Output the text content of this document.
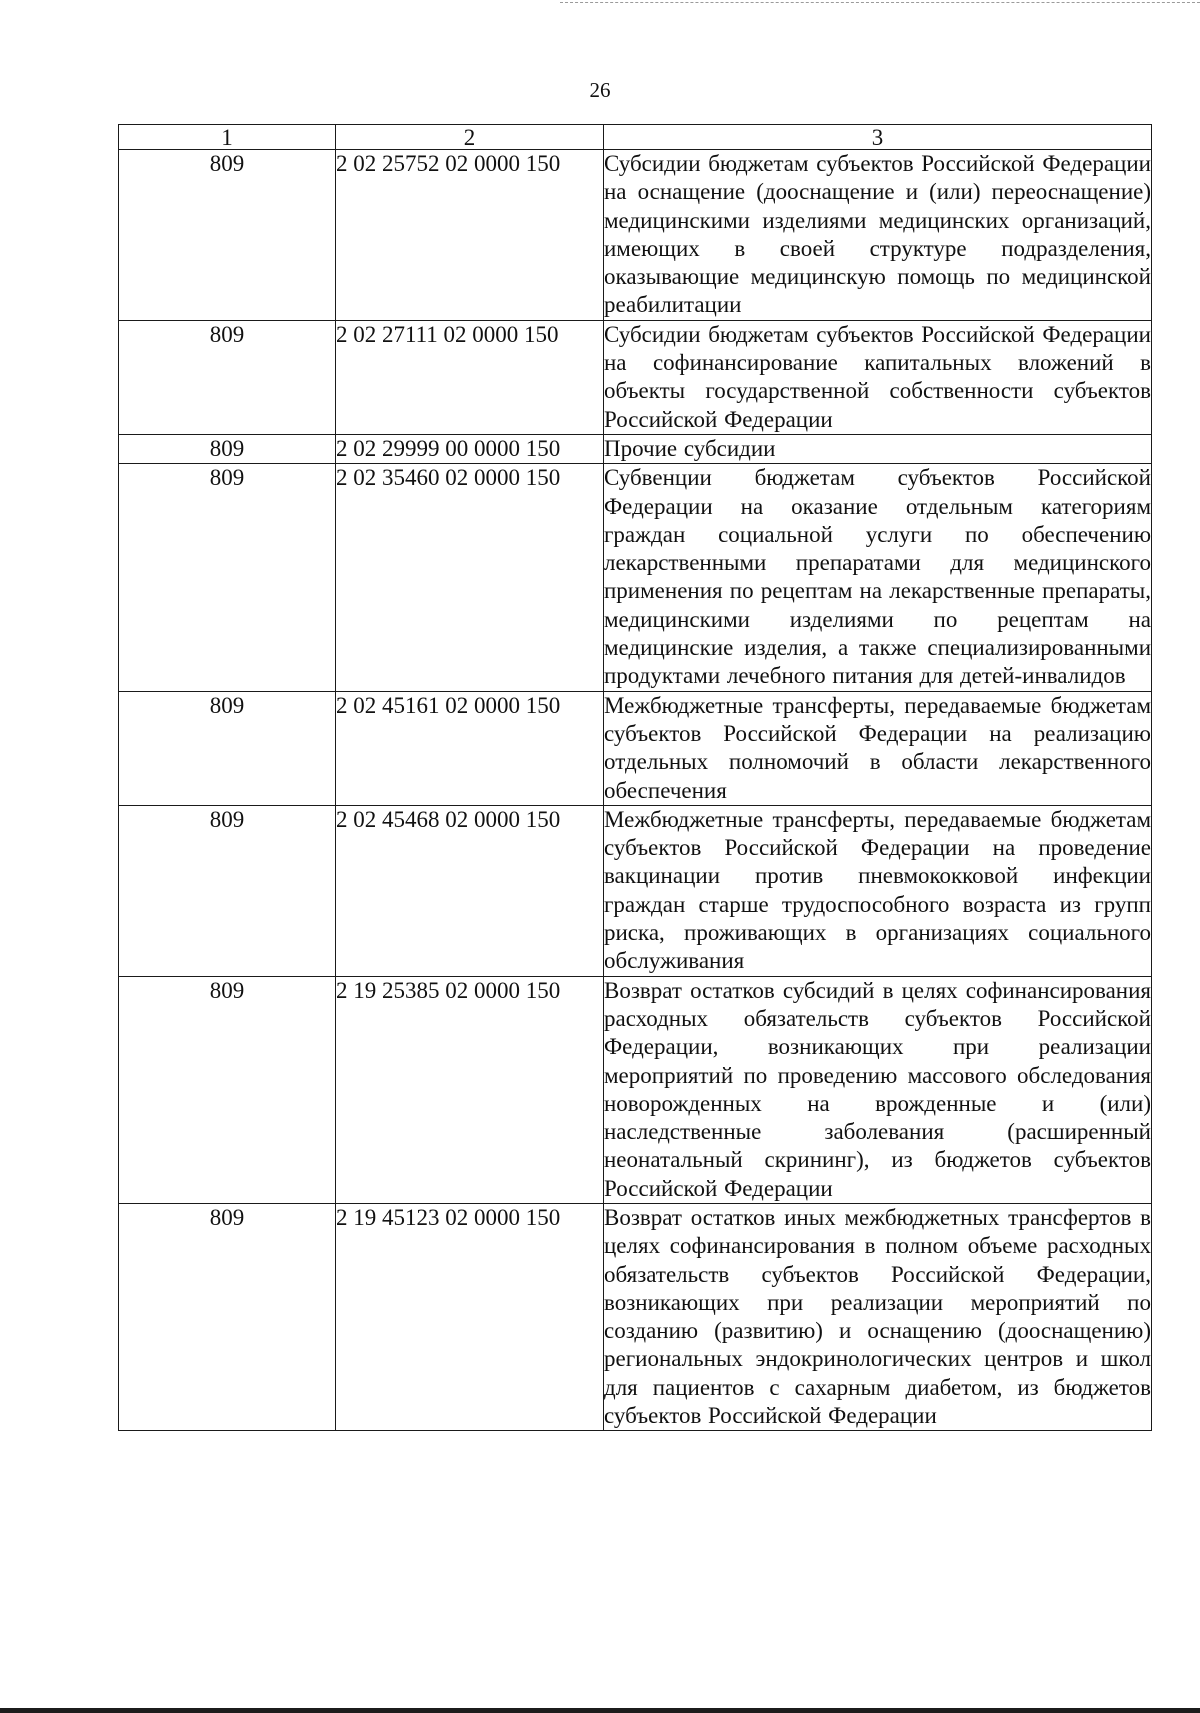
26
1	2	3
809	2 02 25752 02 0000 150	Субсидии бюджетам субъектов Российской Федерации на оснащение (дооснащение и (или) переоснащение) медицинскими изделиями медицинских организаций, имеющих в своей структуре подразделения, оказывающие медицинскую помощь по медицинской реабилитации
809	2 02 27111 02 0000 150	Субсидии бюджетам субъектов Российской Федерации на софинансирование капитальных вложений в объекты государственной собственности субъектов Российской Федерации
809	2 02 29999 00 0000 150	Прочие субсидии
809	2 02 35460 02 0000 150	Субвенции бюджетам субъектов Российской Федерации на оказание отдельным категориям граждан социальной услуги по обеспечению лекарственными препаратами для медицинского применения по рецептам на лекарственные препараты, медицинскими изделиями по рецептам на медицинские изделия, а также специализированными продуктами лечебного питания для детей-инвалидов
809	2 02 45161 02 0000 150	Межбюджетные трансферты, передаваемые бюджетам субъектов Российской Федерации на реализацию отдельных полномочий в области лекарственного обеспечения
809	2 02 45468 02 0000 150	Межбюджетные трансферты, передаваемые бюджетам субъектов Российской Федерации на проведение вакцинации против пневмококковой инфекции граждан старше трудоспособного возраста из групп риска, проживающих в организациях социального обслуживания
809	2 19 25385 02 0000 150	Возврат остатков субсидий в целях софинансирования расходных обязательств субъектов Российской Федерации, возникающих при реализации мероприятий по проведению массового обследования новорожденных на врожденные и (или) наследственные заболевания (расширенный неонатальный скрининг), из бюджетов субъектов Российской Федерации
809	2 19 45123 02 0000 150	Возврат остатков иных межбюджетных трансфертов в целях софинансирования в полном объеме расходных обязательств субъектов Российской Федерации, возникающих при реализации мероприятий по созданию (развитию) и оснащению (дооснащению) региональных эндокринологических центров и школ для пациентов с сахарным диабетом, из бюджетов субъектов Российской Федерации
